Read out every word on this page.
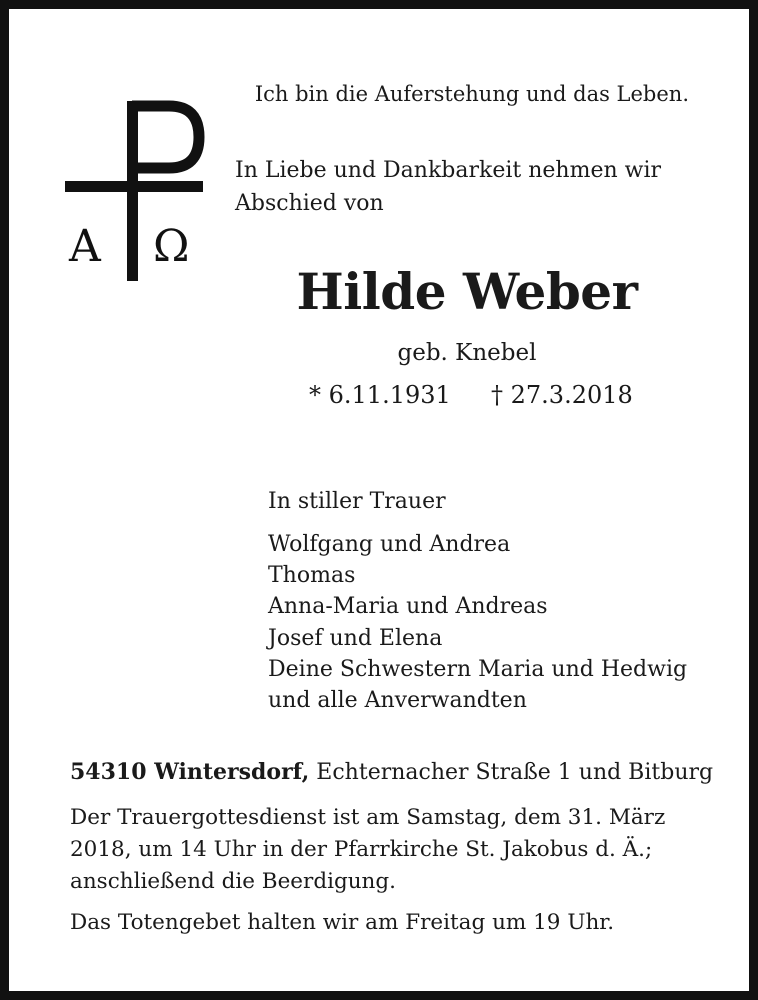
A Ω
Ich bin die Auferstehung und das Leben.
In Liebe und Dankbarkeit nehmen wir Abschied von
Hilde Weber
geb. Knebel
* 6.11.1931 † 27.3.2018
In stiller Trauer
Wolfgang und Andrea
Thomas
Anna-Maria und Andreas
Josef und Elena
Deine Schwestern Maria und Hedwig
und alle Anverwandten
54310 Wintersdorf, Echternacher Straße 1 und Bitburg
Der Trauergottesdienst ist am Samstag, dem 31. März 2018, um 14 Uhr in der Pfarrkirche St. Jakobus d. Ä.; anschließend die Beerdigung.
Das Totengebet halten wir am Freitag um 19 Uhr.
